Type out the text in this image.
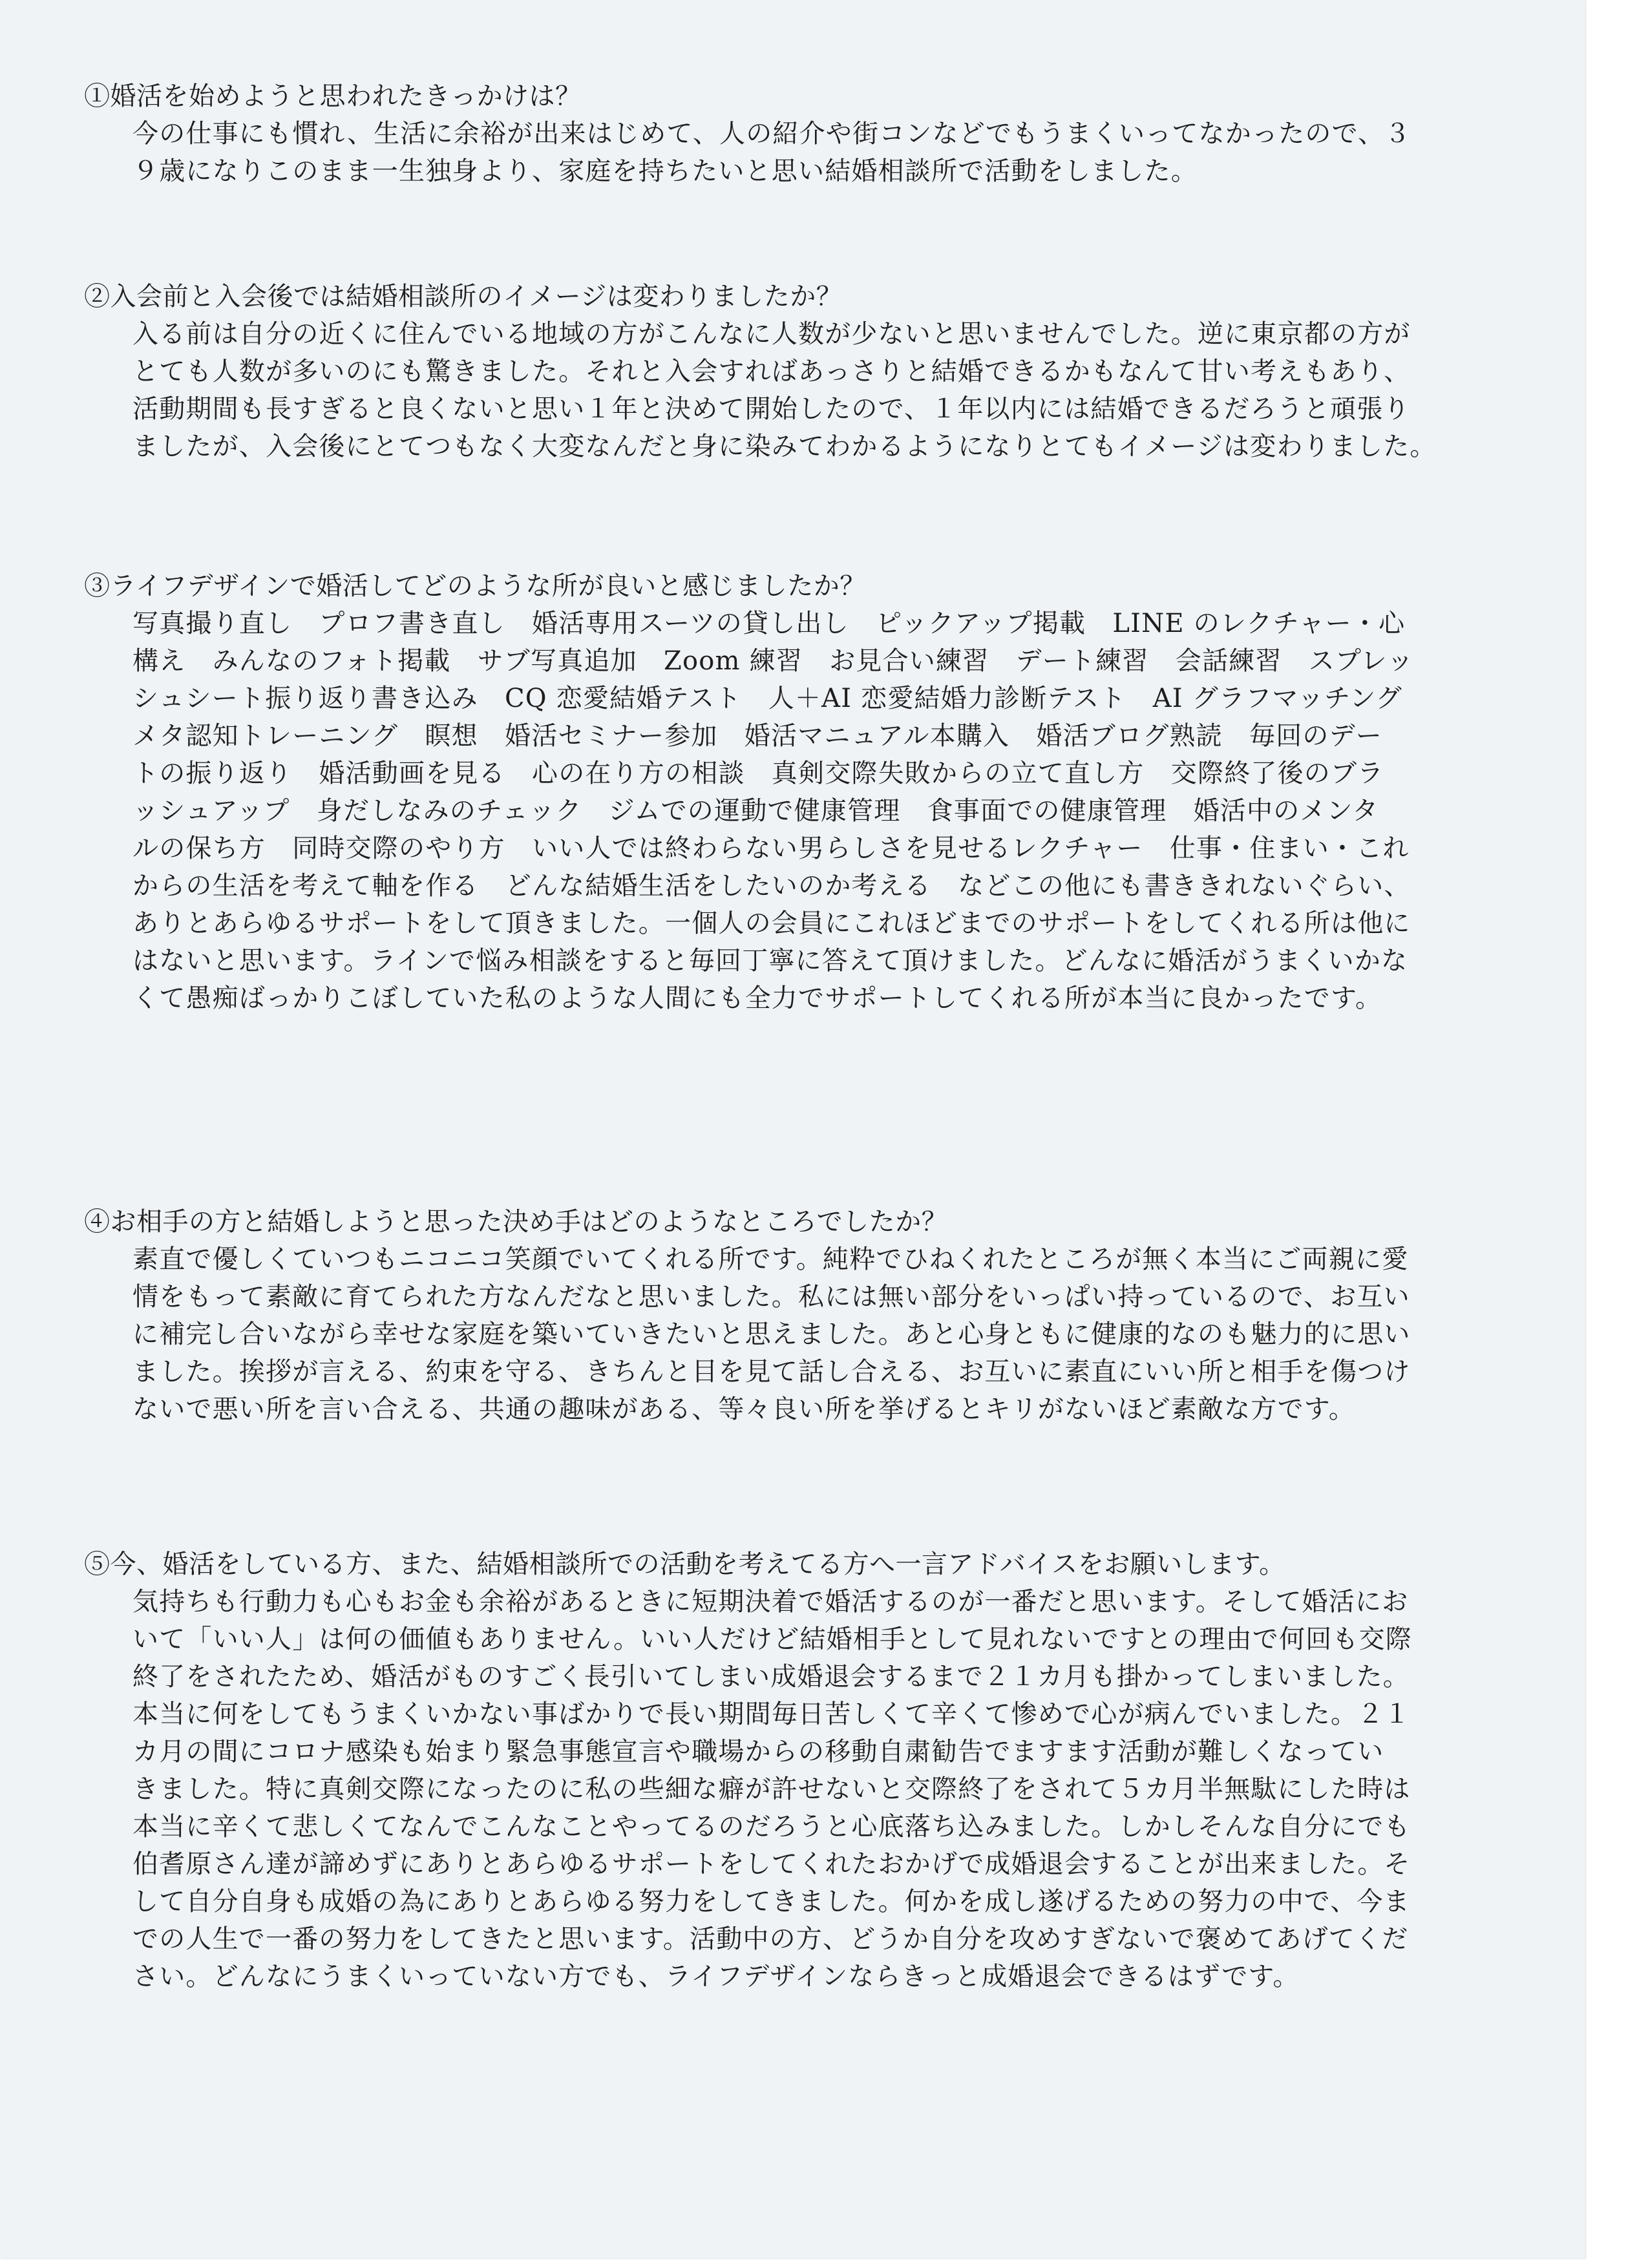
①婚活を始めようと思われたきっかけは？
今の仕事にも慣れ、生活に余裕が出来はじめて、人の紹介や街コンなどでもうまくいってなかったので、３
９歳になりこのまま一生独身より、家庭を持ちたいと思い結婚相談所で活動をしました。
②入会前と入会後では結婚相談所のイメージは変わりましたか？
入る前は自分の近くに住んでいる地域の方がこんなに人数が少ないと思いませんでした。逆に東京都の方が
とても人数が多いのにも驚きました。それと入会すればあっさりと結婚できるかもなんて甘い考えもあり、
活動期間も長すぎると良くないと思い１年と決めて開始したので、１年以内には結婚できるだろうと頑張り
ましたが、入会後にとてつもなく大変なんだと身に染みてわかるようになりとてもイメージは変わりました。
③ライフデザインで婚活してどのような所が良いと感じましたか？
写真撮り直し　プロフ書き直し　婚活専用スーツの貸し出し　ピックアップ掲載　LINE のレクチャー・心
構え　みんなのフォト掲載　サブ写真追加　Zoom 練習　お見合い練習　デート練習　会話練習　スプレッ
シュシート振り返り書き込み　CQ 恋愛結婚テスト　人＋AI 恋愛結婚力診断テスト　AI グラフマッチング
メタ認知トレーニング　瞑想　婚活セミナー参加　婚活マニュアル本購入　婚活ブログ熟読　毎回のデー
トの振り返り　婚活動画を見る　心の在り方の相談　真剣交際失敗からの立て直し方　交際終了後のブラ
ッシュアップ　身だしなみのチェック　ジムでの運動で健康管理　食事面での健康管理　婚活中のメンタ
ルの保ち方　同時交際のやり方　いい人では終わらない男らしさを見せるレクチャー　仕事・住まい・これ
からの生活を考えて軸を作る　どんな結婚生活をしたいのか考える　などこの他にも書ききれないぐらい、
ありとあらゆるサポートをして頂きました。一個人の会員にこれほどまでのサポートをしてくれる所は他に
はないと思います。ラインで悩み相談をすると毎回丁寧に答えて頂けました。どんなに婚活がうまくいかな
くて愚痴ばっかりこぼしていた私のような人間にも全力でサポートしてくれる所が本当に良かったです。
④お相手の方と結婚しようと思った決め手はどのようなところでしたか？
素直で優しくていつもニコニコ笑顔でいてくれる所です。純粋でひねくれたところが無く本当にご両親に愛
情をもって素敵に育てられた方なんだなと思いました。私には無い部分をいっぱい持っているので、お互い
に補完し合いながら幸せな家庭を築いていきたいと思えました。あと心身ともに健康的なのも魅力的に思い
ました。挨拶が言える、約束を守る、きちんと目を見て話し合える、お互いに素直にいい所と相手を傷つけ
ないで悪い所を言い合える、共通の趣味がある、等々良い所を挙げるとキリがないほど素敵な方です。
⑤今、婚活をしている方、また、結婚相談所での活動を考えてる方へ一言アドバイスをお願いします。
気持ちも行動力も心もお金も余裕があるときに短期決着で婚活するのが一番だと思います。そして婚活にお
いて「いい人」は何の価値もありません。いい人だけど結婚相手として見れないですとの理由で何回も交際
終了をされたため、婚活がものすごく長引いてしまい成婚退会するまで２１カ月も掛かってしまいました。
本当に何をしてもうまくいかない事ばかりで長い期間毎日苦しくて辛くて惨めで心が病んでいました。２１
カ月の間にコロナ感染も始まり緊急事態宣言や職場からの移動自粛勧告でますます活動が難しくなってい
きました。特に真剣交際になったのに私の些細な癖が許せないと交際終了をされて５カ月半無駄にした時は
本当に辛くて悲しくてなんでこんなことやってるのだろうと心底落ち込みました。しかしそんな自分にでも
伯耆原さん達が諦めずにありとあらゆるサポートをしてくれたおかげで成婚退会することが出来ました。そ
して自分自身も成婚の為にありとあらゆる努力をしてきました。何かを成し遂げるための努力の中で、今ま
での人生で一番の努力をしてきたと思います。活動中の方、どうか自分を攻めすぎないで褒めてあげてくだ
さい。どんなにうまくいっていない方でも、ライフデザインならきっと成婚退会できるはずです。
